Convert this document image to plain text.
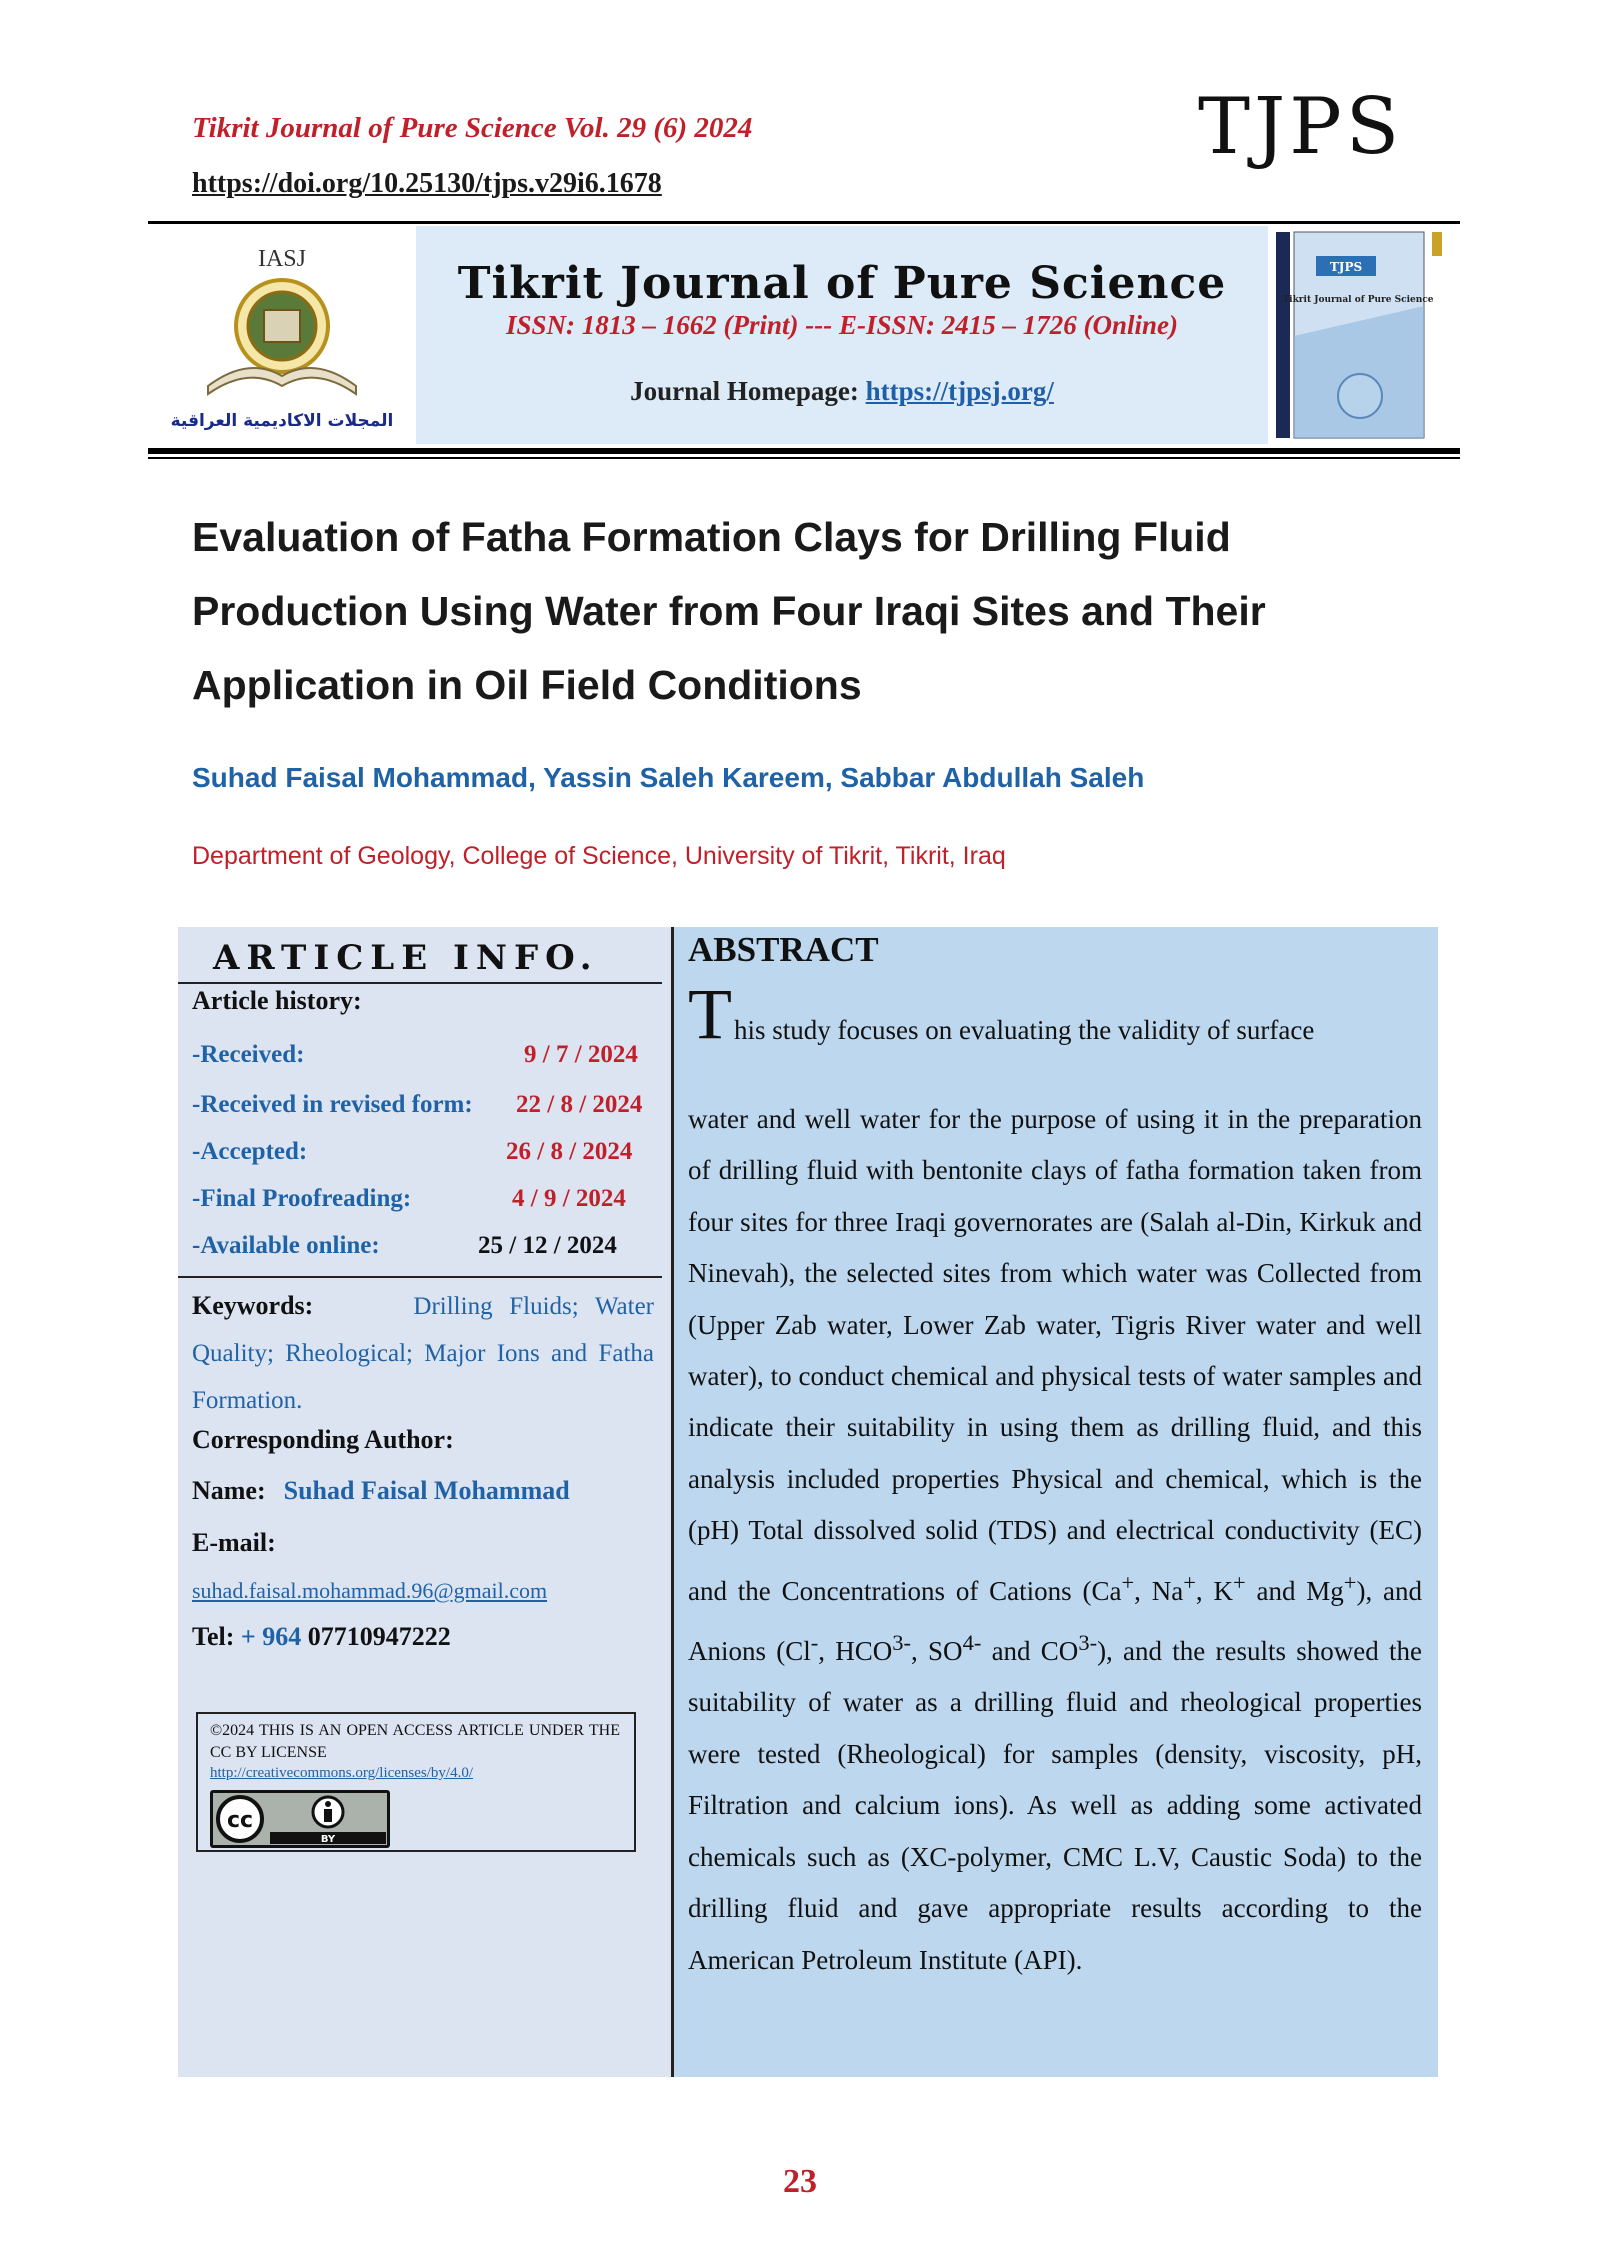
Tikrit Journal of Pure Science Vol. 29 (6) 2024
https://doi.org/10.25130/tjps.v29i6.1678
TJPS
IASJ
المجلات الاكاديمية العراقية
Tikrit Journal of Pure Science
ISSN: 1813 – 1662 (Print) --- E-ISSN: 2415 – 1726 (Online)
Journal Homepage: https://tjpsj.org/
TJPS
Tikrit Journal of Pure Science
Evaluation of Fatha Formation Clays for Drilling Fluid
Production Using Water from Four Iraqi Sites and Their
Application in Oil Field Conditions
Suhad Faisal Mohammad, Yassin Saleh Kareem, Sabbar Abdullah Saleh
Department of Geology, College of Science, University of Tikrit, Tikrit, Iraq
ARTICLE INFO.
Article history:
-Received:	9 / 7 / 2024
-Received in revised form: 22 / 8 / 2024
-Accepted:	26 / 8 / 2024
-Final Proofreading:	4 / 9 / 2024
-Available online:	25 / 12 / 2024
Keywords:	Drilling Fluids; Water Quality; Rheological; Major Ions and Fatha Formation.
Corresponding Author:
Name: Suhad Faisal Mohammad
E-mail:
suhad.faisal.mohammad.96@gmail.com
Tel: + 964 07710947222
©2024 THIS IS AN OPEN ACCESS ARTICLE UNDER THE CC BY LICENSE
http://creativecommons.org/licenses/by/4.0/
cc
BY
ABSTRACT
T his study focuses on evaluating the validity of surface
water and well water for the purpose of using it in the preparation of drilling fluid with bentonite clays of fatha formation taken from four sites for three Iraqi governorates are (Salah al-Din, Kirkuk and Ninevah), the selected sites from which water was Collected from (Upper Zab water, Lower Zab water, Tigris River water and well water), to conduct chemical and physical tests of water samples and indicate their suitability in using them as drilling fluid, and this analysis included properties Physical and chemical, which is the (pH) Total dissolved solid (TDS) and electrical conductivity (EC) and the Concentrations of Cations (Ca+, Na+, K+ and Mg+), and Anions (Cl-, $HCO^{3-}$, $SO^{4-}$ and $CO^{3-}$), and the results showed the suitability of water as a drilling fluid and rheological properties were tested (Rheological) for samples (density, viscosity, pH, Filtration and calcium ions). As well as adding some activated chemicals such as (XC-polymer, CMC L.V, Caustic Soda) to the drilling fluid and gave appropriate results according to the American Petroleum Institute (API).
23
